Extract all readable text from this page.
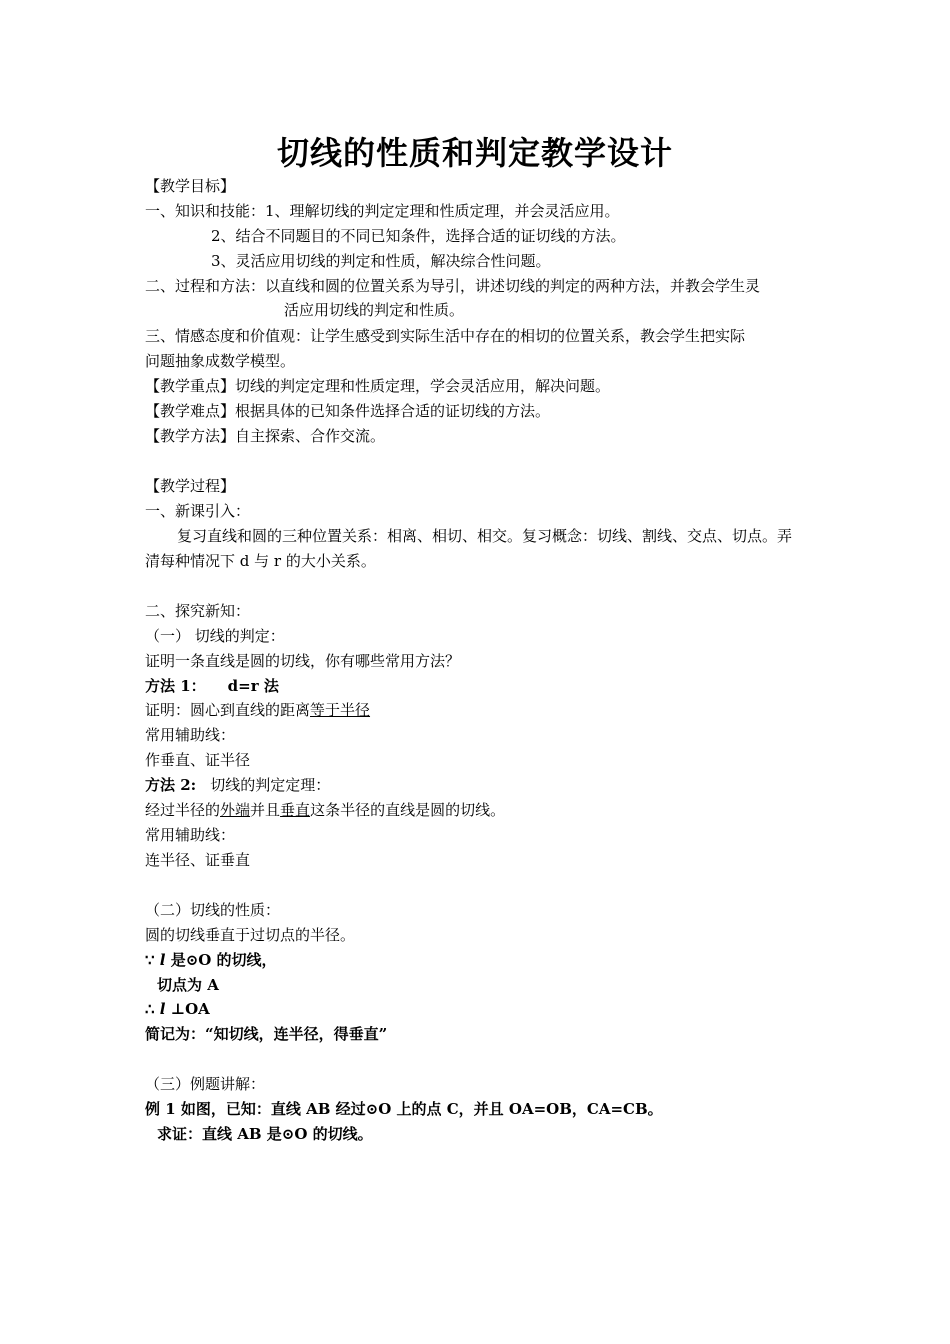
切线的性质和判定教学设计
【教学目标】
一、知识和技能：1、理解切线的判定定理和性质定理，并会灵活应用。
2、结合不同题目的不同已知条件，选择合适的证切线的方法。
3、灵活应用切线的判定和性质，解决综合性问题。
二、过程和方法：以直线和圆的位置关系为导引，讲述切线的判定的两种方法，并教会学生灵
活应用切线的判定和性质。
三、情感态度和价值观：让学生感受到实际生活中存在的相切的位置关系，教会学生把实际
问题抽象成数学模型。
【教学重点】切线的判定定理和性质定理，学会灵活应用，解决问题。
【教学难点】根据具体的已知条件选择合适的证切线的方法。
【教学方法】自主探索、合作交流。
【教学过程】
一、新课引入：
复习直线和圆的三种位置关系：相离、相切、相交。复习概念：切线、割线、交点、切点。弄
清每种情况下 d 与 r 的大小关系。
二、探究新知：
（一） 切线的判定：
证明一条直线是圆的切线，你有哪些常用方法？
方法 1： d=r 法
证明：圆心到直线的距离等于半径
常用辅助线：
作垂直、证半径
方法 2: 切线的判定定理：
经过半径的外端并且垂直这条半径的直线是圆的切线。
常用辅助线：
连半径、证垂直
（二）切线的性质：
圆的切线垂直于过切点的半径。
∵ l 是⊙O 的切线，
切点为 A
∴ l ⊥OA
简记为：“知切线，连半径，得垂直”
（三）例题讲解：
例 1 如图，已知：直线 AB 经过⊙O 上的点 C，并且 OA=OB，CA=CB。
求证：直线 AB 是⊙O 的切线。
